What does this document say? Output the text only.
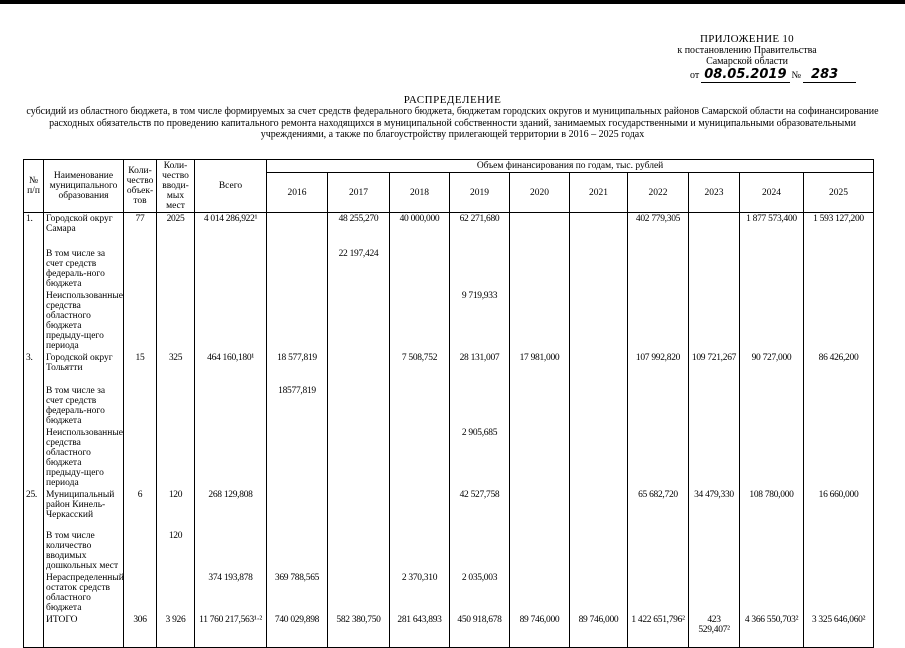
ПРИЛОЖЕНИЕ 10
к постановлению Правительства
Самарской области
от 08.05.2019 № 283
РАСПРЕДЕЛЕНИЕ
субсидий из областного бюджета, в том числе формируемых за счет средств федерального бюджета, бюджетам городских округов и муниципальных районов Самарской области на софинансирование расходных обязательств по проведению капитального ремонта находящихся в муниципальной собственности зданий, занимаемых государственными и муниципальными образовательными учреждениями, а также по благоустройству прилегающей территории в 2016 – 2025 годах
№ п/п	Наименование муниципального образования	Коли-чество объек-тов	Коли-чество вводи-мых мест	Всего	Объем финансирования по годам, тыс. рублей									
					2016	2017	2018	2019	2020	2021	2022	2023	2024	2025
1.	Городской округ Самара	77	2025	4 014 286,922¹		48 255,270	40 000,000	62 271,680			402 779,305		1 877 573,400	1 593 127,200
	В том числе за счет средств федераль-ного бюджета					22 197,424								
	Неиспользованные средства областного бюджета предыду-щего периода							9 719,933						
3.	Городской округ Тольятти	15	325	464 160,180¹	18 577,819		7 508,752	28 131,007	17 981,000		107 992,820	109 721,267	90 727,000	86 426,200
	В том числе за счет средств федераль-ного бюджета				18577,819									
	Неиспользованные средства областного бюджета предыду-щего периода							2 905,685						
25.	Муниципальный район Кинель-Черкасский	6	120	268 129,808				42 527,758			65 682,720	34 479,330	108 780,000	16 660,000
	В том числе количество вводимых дошкольных мест		120											
	Нераспределенный остаток средств областного бюджета			374 193,878	369 788,565		2 370,310	2 035,003						
	ИТОГО	306	3 926	11 760 217,563¹·²	740 029,898	582 380,750	281 643,893	450 918,678	89 746,000	89 746,000	1 422 651,796²	423 529,407²	4 366 550,703²	3 325 646,060²
